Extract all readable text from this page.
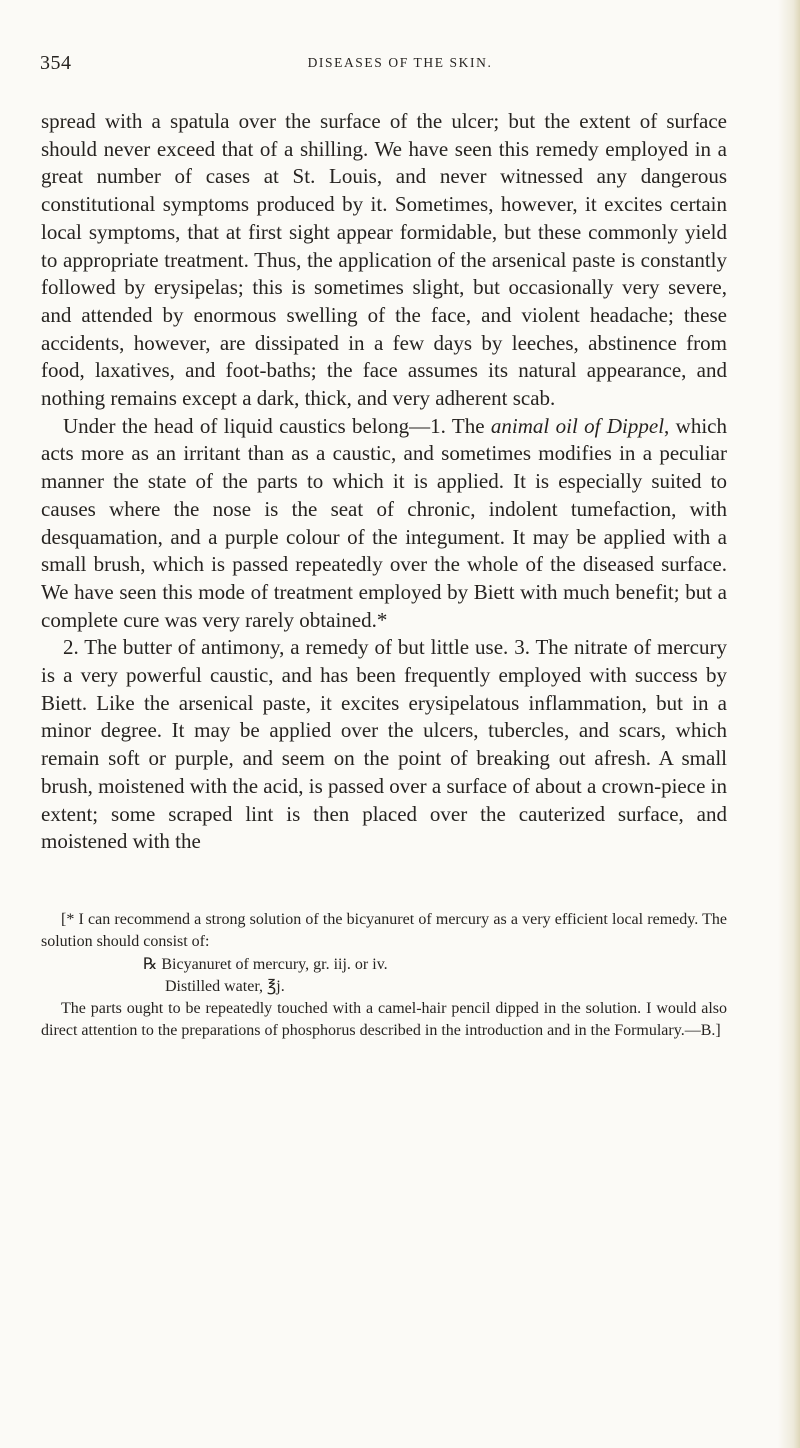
354	DISEASES OF THE SKIN.

spread with a spatula over the surface of the ulcer; but the extent of surface should never exceed that of a shilling. We have seen this remedy employed in a great number of cases at St. Louis, and never witnessed any dangerous constitutional symptoms produced by it. Sometimes, however, it excites certain local symptoms, that at first sight appear formidable, but these commonly yield to appropriate treatment. Thus, the application of the arsenical paste is constantly followed by erysipelas; this is sometimes slight, but occasionally very severe, and attended by enormous swelling of the face, and violent headache; these accidents, however, are dissipated in a few days by leeches, abstinence from food, laxatives, and foot-baths; the face assumes its natural appearance, and nothing remains except a dark, thick, and very adherent scab.

Under the head of liquid caustics belong—1. The animal oil of Dippel, which acts more as an irritant than as a caustic, and sometimes modifies in a peculiar manner the state of the parts to which it is applied. It is especially suited to causes where the nose is the seat of chronic, indolent tumefaction, with desquamation, and a purple colour of the integument. It may be applied with a small brush, which is passed repeatedly over the whole of the diseased surface. We have seen this mode of treatment employed by Biett with much benefit; but a complete cure was very rarely obtained.*

2. The butter of antimony, a remedy of but little use. 3. The nitrate of mercury is a very powerful caustic, and has been frequently employed with success by Biett. Like the arsenical paste, it excites erysipelatous inflammation, but in a minor degree. It may be applied over the ulcers, tubercles, and scars, which remain soft or purple, and seem on the point of breaking out afresh. A small brush, moistened with the acid, is passed over a surface of about a crown-piece in extent; some scraped lint is then placed over the cauterized surface, and moistened with the

[* I can recommend a strong solution of the bicyanuret of mercury as a very efficient local remedy. The solution should consist of:

℞ Bicyanuret of mercury, gr. iij. or iv.

Distilled water, ℥j.

The parts ought to be repeatedly touched with a camel-hair pencil dipped in the solution. I would also direct attention to the preparations of phosphorus described in the introduction and in the Formulary.—B.]
